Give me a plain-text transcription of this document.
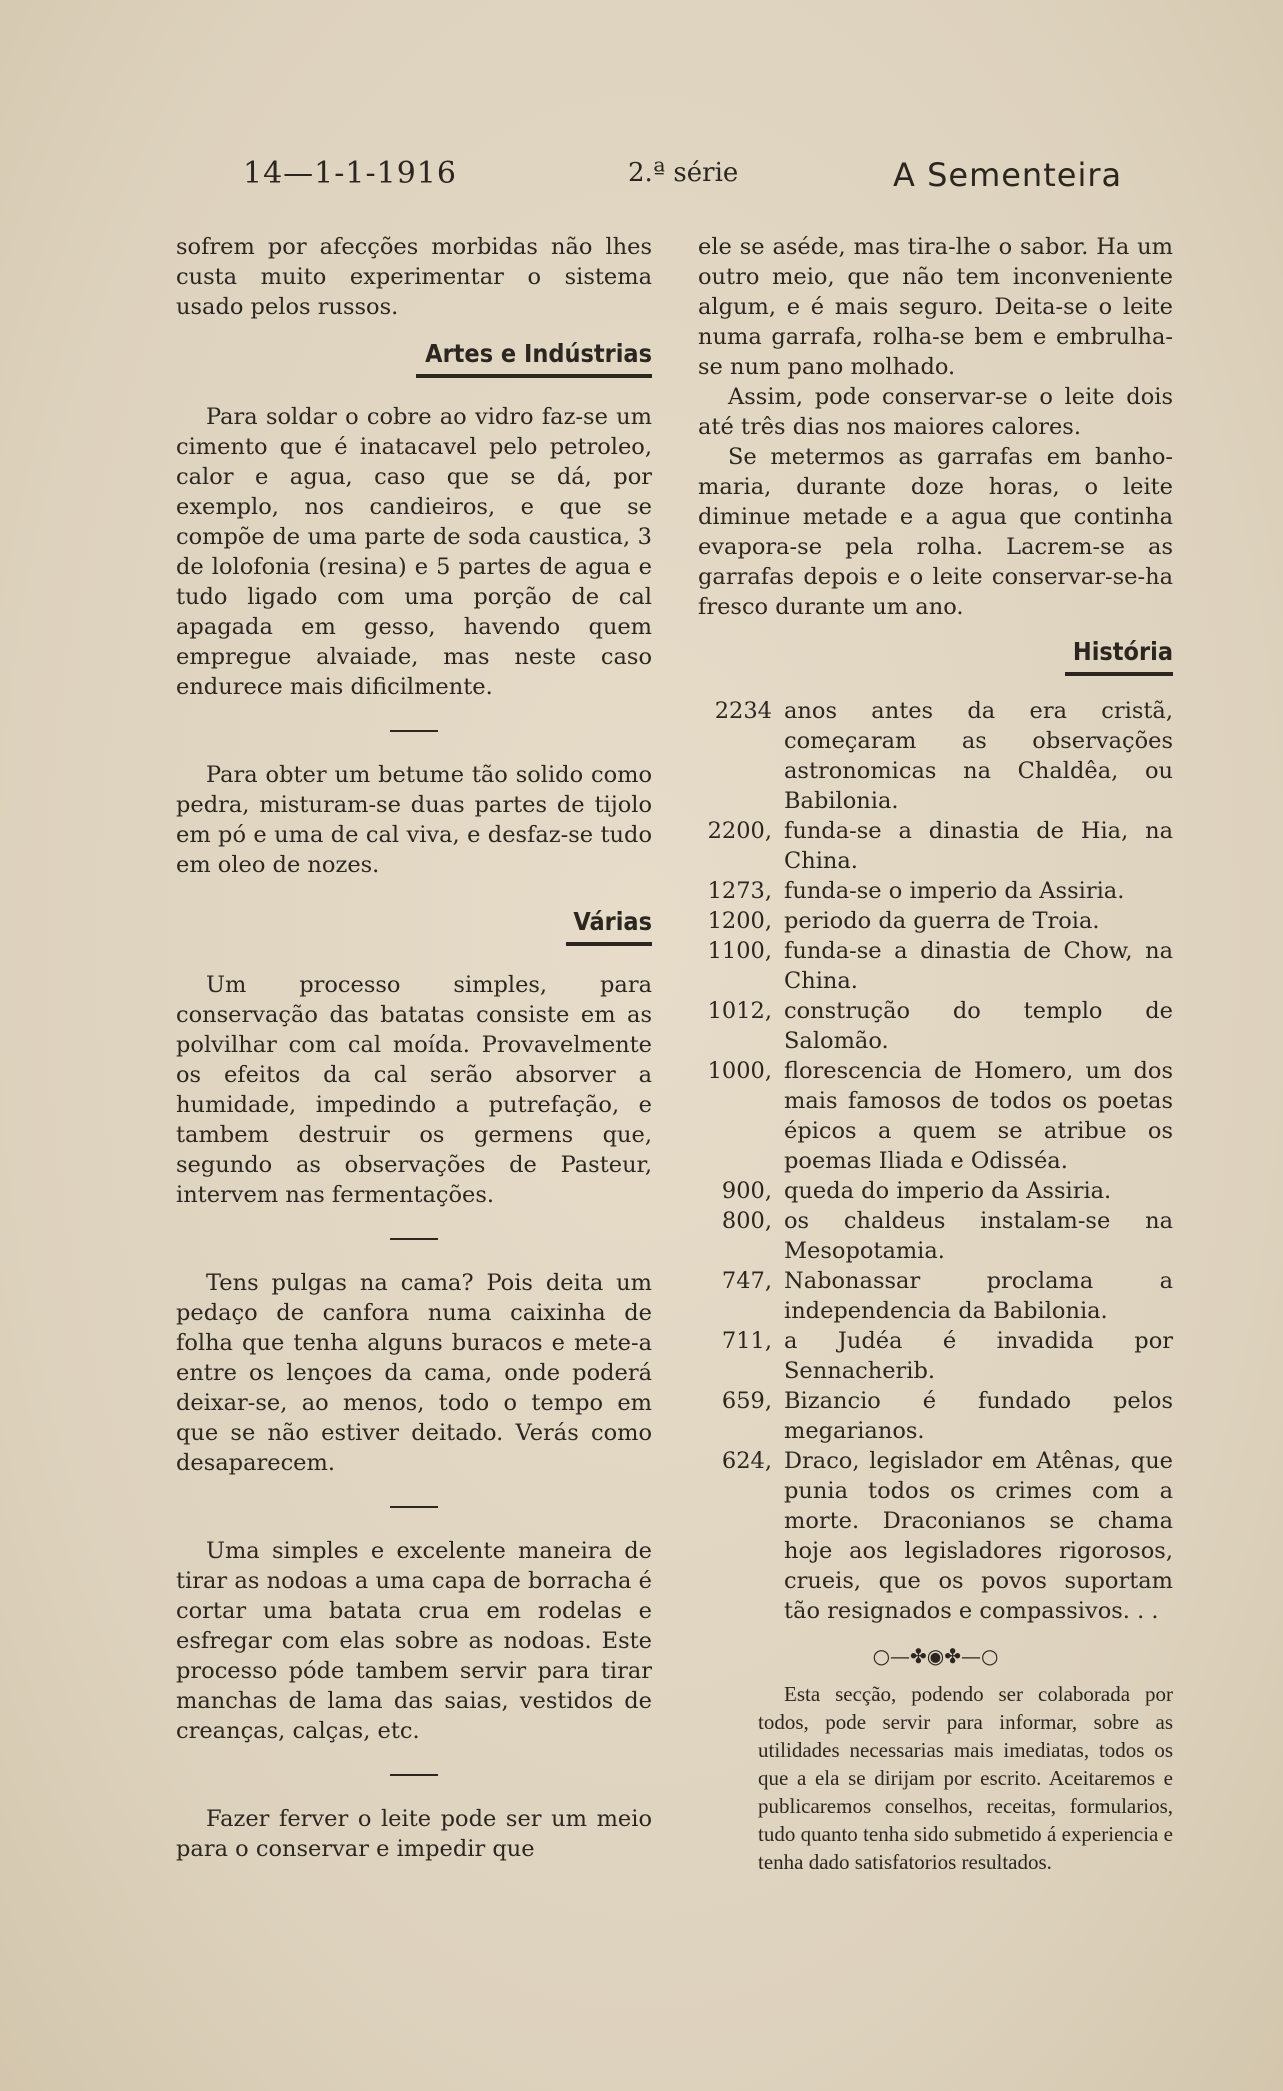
14—1-1-1916	2.ª série	A Sementeira

sofrem por afecções morbidas não lhes custa muito experimentar o sistema usado pelos russos.

Artes e Indústrias

Para soldar o cobre ao vidro faz-se um cimento que é inatacavel pelo petroleo, calor e agua, caso que se dá, por exemplo, nos candieiros, e que se compõe de uma parte de soda caustica, 3 de lolofonia (resina) e 5 partes de agua e tudo ligado com uma porção de cal apagada em gesso, havendo quem empregue alvaiade, mas neste caso endurece mais dificilmente.

Para obter um betume tão solido como pedra, misturam-se duas partes de tijolo em pó e uma de cal viva, e desfaz-se tudo em oleo de nozes.

Várias

Um processo simples, para conservação das batatas consiste em as polvilhar com cal moída. Provavelmente os efeitos da cal serão absorver a humidade, impedindo a putrefação, e tambem destruir os germens que, segundo as observações de Pasteur, intervem nas fermentações.

Tens pulgas na cama? Pois deita um pedaço de canfora numa caixinha de folha que tenha alguns buracos e mete-a entre os lençoes da cama, onde poderá deixar-se, ao menos, todo o tempo em que se não estiver deitado. Verás como desaparecem.

Uma simples e excelente maneira de tirar as nodoas a uma capa de borracha é cortar uma batata crua em rodelas e esfregar com elas sobre as nodoas. Este processo póde tambem servir para tirar manchas de lama das saias, vestidos de creanças, calças, etc.

Fazer ferver o leite pode ser um meio para o conservar e impedir que

ele se aséde, mas tira-lhe o sabor. Ha um outro meio, que não tem inconveniente algum, e é mais seguro. Deita-se o leite numa garrafa, rolha-se bem e embrulha-se num pano molhado.

Assim, pode conservar-se o leite dois até três dias nos maiores calores.

Se metermos as garrafas em banho-maria, durante doze horas, o leite diminue metade e a agua que continha evapora-se pela rolha. Lacrem-se as garrafas depois e o leite conservar-se-ha fresco durante um ano.

História

2234 anos antes da era cristã, começaram as observações astronomicas na Chaldêa, ou Babilonia.
2200, funda-se a dinastia de Hia, na China.
1273, funda-se o imperio da Assiria.
1200, periodo da guerra de Troia.
1100, funda-se a dinastia de Chow, na China.
1012, construção do templo de Salomão.
1000, florescencia de Homero, um dos mais famosos de todos os poetas épicos a quem se atribue os poemas Iliada e Odisséa.
900, queda do imperio da Assiria.
800, os chaldeus instalam-se na Mesopotamia.
747, Nabonassar proclama a independencia da Babilonia.
711, a Judéa é invadida por Sennacherib.
659, Bizancio é fundado pelos megarianos.
624, Draco, legislador em Atênas, que punia todos os crimes com a morte. Draconianos se chama hoje aos legisladores rigorosos, crueis, que os povos suportam tão resignados e compassivos. . .
○—✤◉✤—○

Esta secção, podendo ser colaborada por todos, pode servir para informar, sobre as utilidades necessarias mais imediatas, todos os que a ela se dirijam por escrito. Aceitaremos e publicaremos conselhos, receitas, formularios, tudo quanto tenha sido submetido á experiencia e tenha dado satisfatorios resultados.
